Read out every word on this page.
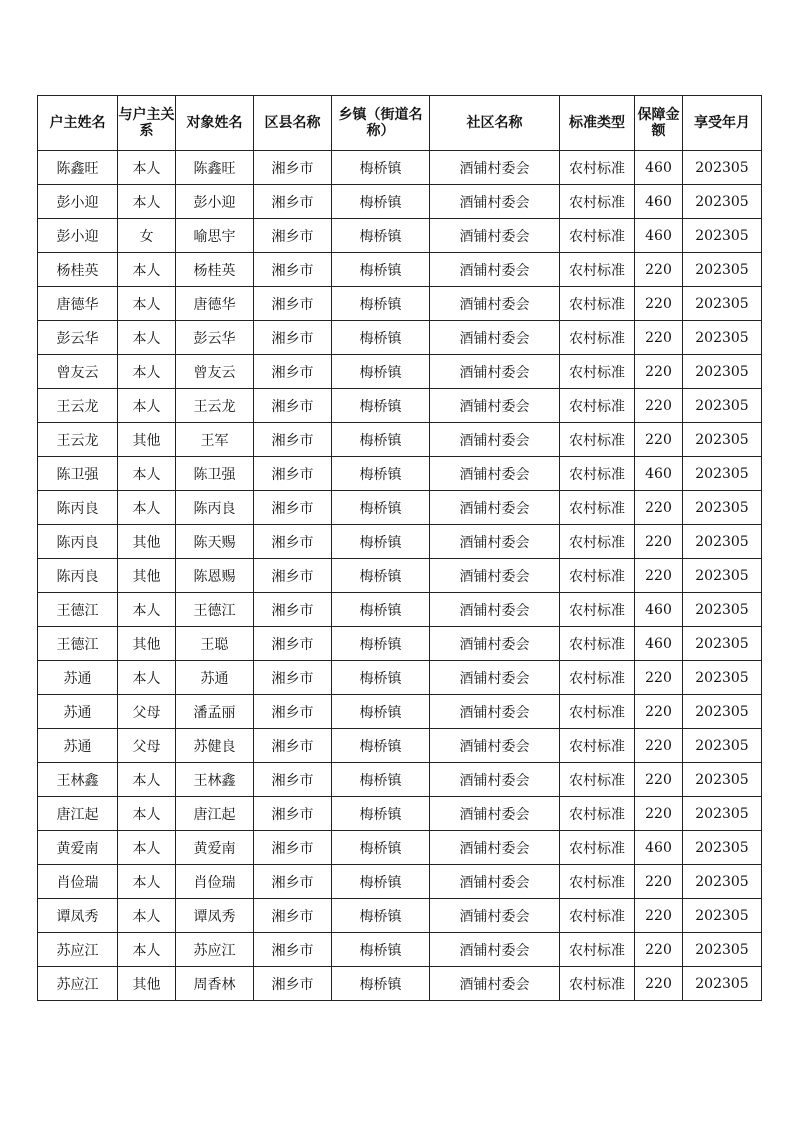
户主姓名	与户主关系	对象姓名	区县名称	乡镇（街道名称）	社区名称	标准类型	保障金额	享受年月
陈鑫旺	本人	陈鑫旺	湘乡市	梅桥镇	酒铺村委会	农村标准	460	202305
彭小迎	本人	彭小迎	湘乡市	梅桥镇	酒铺村委会	农村标准	460	202305
彭小迎	女	喻思宇	湘乡市	梅桥镇	酒铺村委会	农村标准	460	202305
杨桂英	本人	杨桂英	湘乡市	梅桥镇	酒铺村委会	农村标准	220	202305
唐德华	本人	唐德华	湘乡市	梅桥镇	酒铺村委会	农村标准	220	202305
彭云华	本人	彭云华	湘乡市	梅桥镇	酒铺村委会	农村标准	220	202305
曾友云	本人	曾友云	湘乡市	梅桥镇	酒铺村委会	农村标准	220	202305
王云龙	本人	王云龙	湘乡市	梅桥镇	酒铺村委会	农村标准	220	202305
王云龙	其他	王军	湘乡市	梅桥镇	酒铺村委会	农村标准	220	202305
陈卫强	本人	陈卫强	湘乡市	梅桥镇	酒铺村委会	农村标准	460	202305
陈丙良	本人	陈丙良	湘乡市	梅桥镇	酒铺村委会	农村标准	220	202305
陈丙良	其他	陈天赐	湘乡市	梅桥镇	酒铺村委会	农村标准	220	202305
陈丙良	其他	陈恩赐	湘乡市	梅桥镇	酒铺村委会	农村标准	220	202305
王德江	本人	王德江	湘乡市	梅桥镇	酒铺村委会	农村标准	460	202305
王德江	其他	王聪	湘乡市	梅桥镇	酒铺村委会	农村标准	460	202305
苏通	本人	苏通	湘乡市	梅桥镇	酒铺村委会	农村标准	220	202305
苏通	父母	潘孟丽	湘乡市	梅桥镇	酒铺村委会	农村标准	220	202305
苏通	父母	苏健良	湘乡市	梅桥镇	酒铺村委会	农村标准	220	202305
王林鑫	本人	王林鑫	湘乡市	梅桥镇	酒铺村委会	农村标准	220	202305
唐江起	本人	唐江起	湘乡市	梅桥镇	酒铺村委会	农村标准	220	202305
黄爱南	本人	黄爱南	湘乡市	梅桥镇	酒铺村委会	农村标准	460	202305
肖俭瑞	本人	肖俭瑞	湘乡市	梅桥镇	酒铺村委会	农村标准	220	202305
谭凤秀	本人	谭凤秀	湘乡市	梅桥镇	酒铺村委会	农村标准	220	202305
苏应江	本人	苏应江	湘乡市	梅桥镇	酒铺村委会	农村标准	220	202305
苏应江	其他	周香林	湘乡市	梅桥镇	酒铺村委会	农村标准	220	202305
